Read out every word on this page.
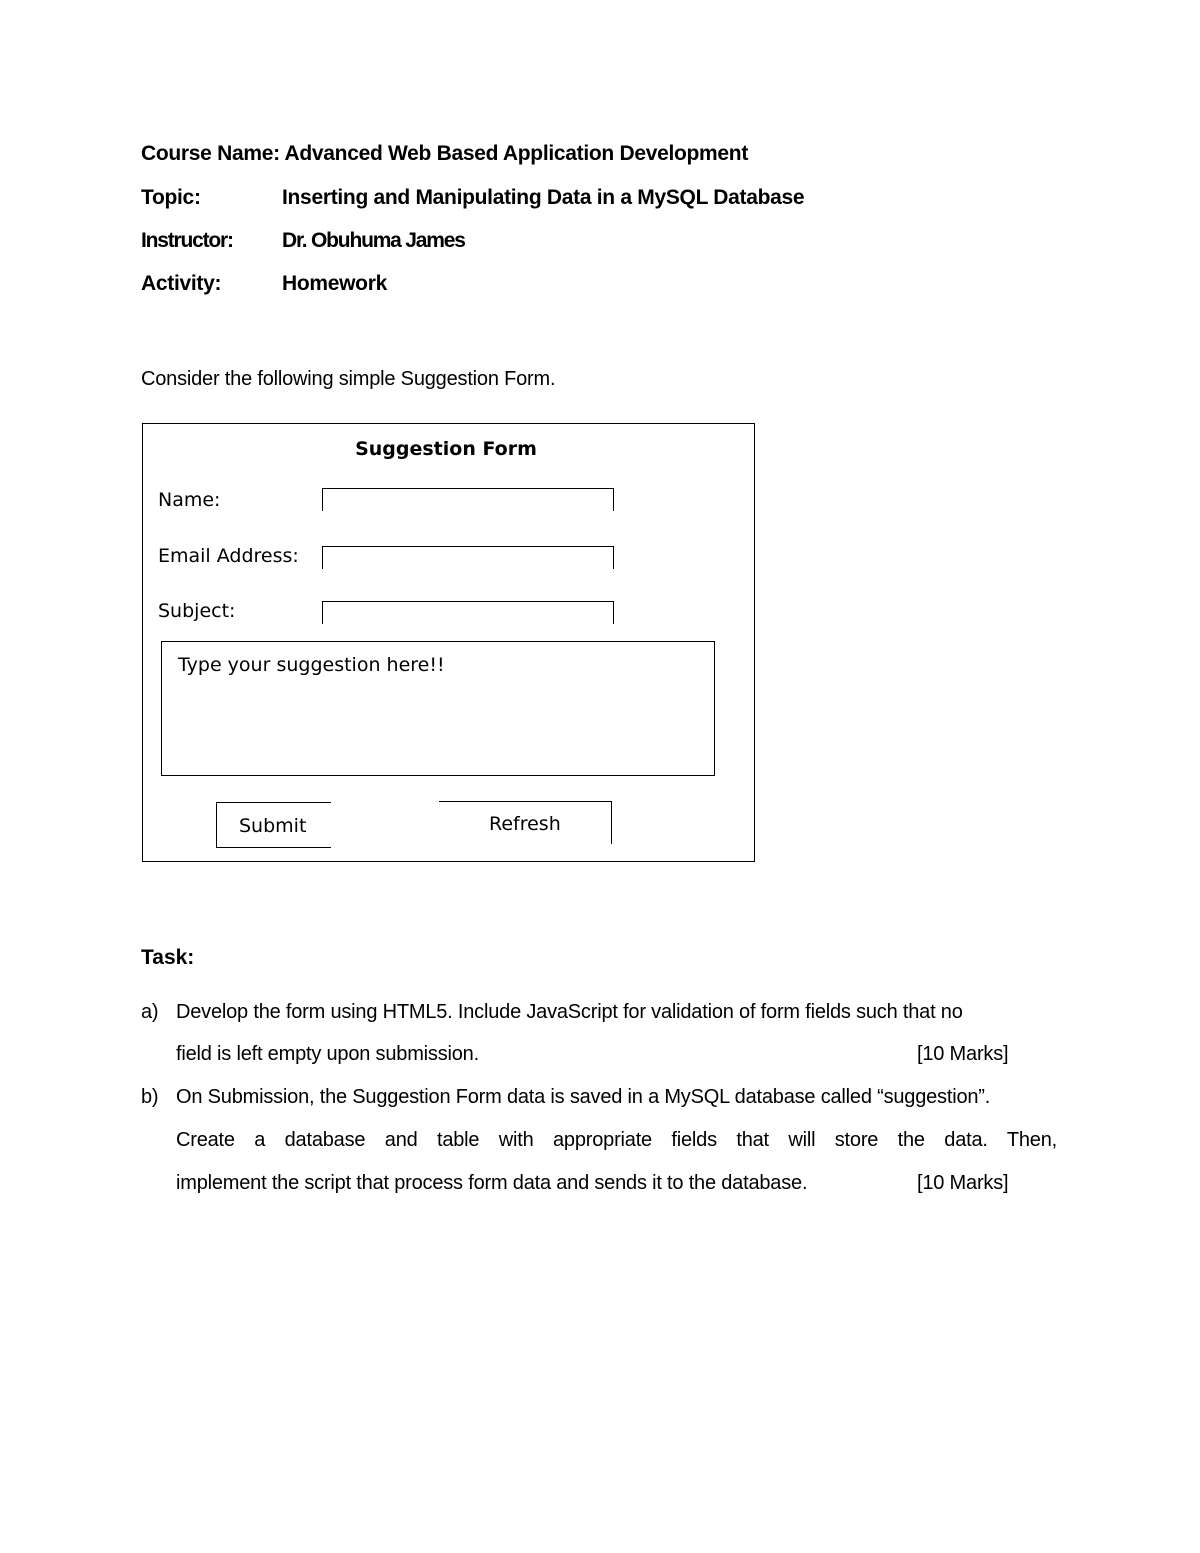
Course Name: Advanced Web Based Application Development
Topic:	Inserting and Manipulating Data in a MySQL Database
Instructor: Dr. Obuhuma James
Activity:	Homework
Consider the following simple Suggestion Form.
Suggestion Form
Name:
Email Address:
Subject:
Type your suggestion here!!
Submit	Refresh
Task:
a) Develop the form using HTML5. Include JavaScript for validation of form fields such that no
field is left empty upon submission.	[10 Marks]
b) On Submission, the Suggestion Form data is saved in a MySQL database called “suggestion”.
Create a database and table with appropriate fields that will store the data. Then,
implement the script that process form data and sends it to the database.	[10 Marks]
